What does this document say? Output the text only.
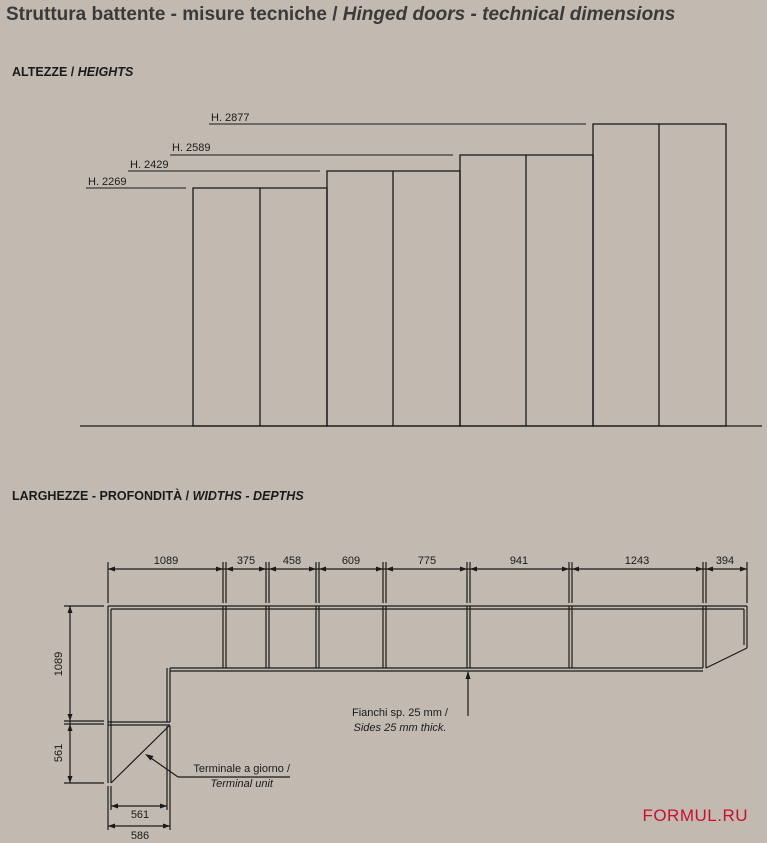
Struttura battente - misure tecniche / Hinged doors - technical dimensions
ALTEZZE / HEIGHTS
LARGHEZZE - PROFONDITÀ / WIDTHS - DEPTHS
H. 2877
H. 2589
H. 2429
H. 2269
1089	375	458	609	775	941	1243	394
1089
561
561
586
Fianchi sp. 25 mm /
Sides 25 mm thick.
Terminale a giorno /
Terminal unit
FORMUL.RU
